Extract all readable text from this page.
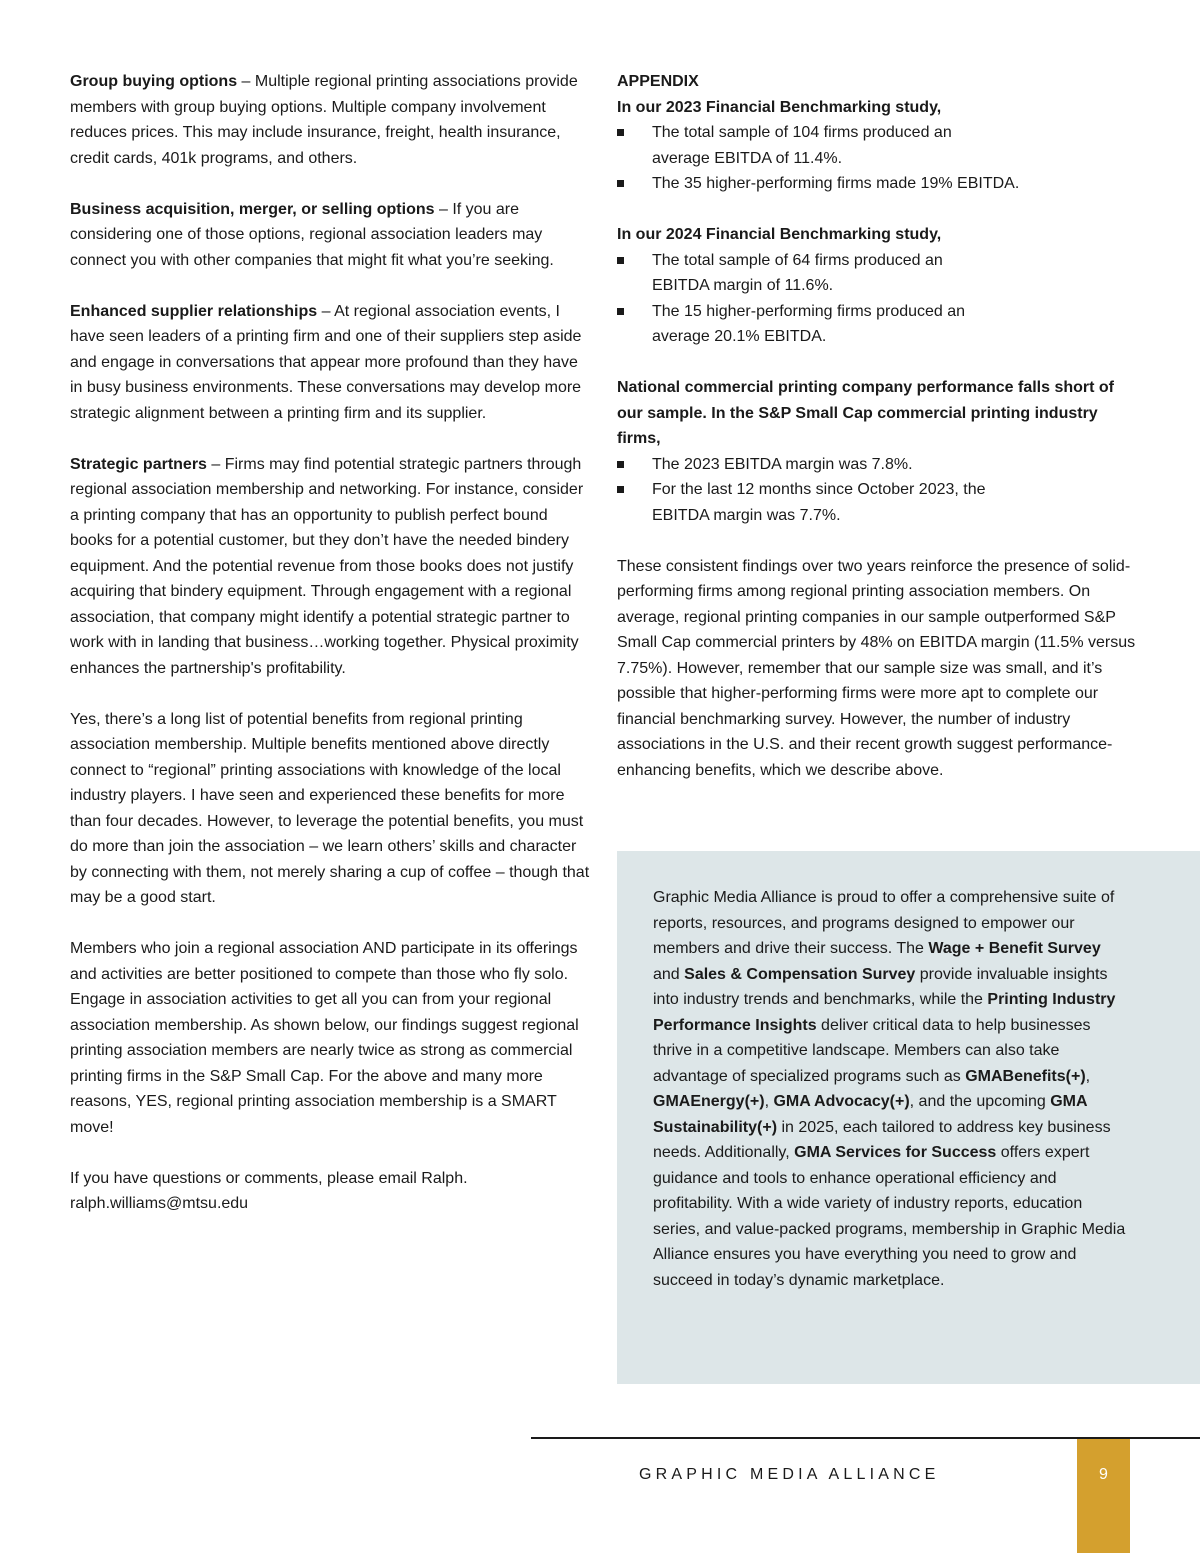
Group buying options – Multiple regional printing associations provide members with group buying options. Multiple company involvement reduces prices. This may include insurance, freight, health insurance, credit cards, 401k programs, and others.

Business acquisition, merger, or selling options – If you are considering one of those options, regional association leaders may connect you with other companies that might fit what you’re seeking.

Enhanced supplier relationships – At regional association events, I have seen leaders of a printing firm and one of their suppliers step aside and engage in conversations that appear more profound than they have in busy business environments. These conversations may develop more strategic alignment between a printing firm and its supplier.

Strategic partners – Firms may find potential strategic partners through regional association membership and networking. For instance, consider a printing company that has an opportunity to publish perfect bound books for a potential customer, but they don’t have the needed bindery equipment. And the potential revenue from those books does not justify acquiring that bindery equipment. Through engagement with a regional association, that company might identify a potential strategic partner to work with in landing that business…working together. Physical proximity enhances the partnership's profitability.

Yes, there’s a long list of potential benefits from regional printing association membership. Multiple benefits mentioned above directly connect to “regional” printing associations with knowledge of the local industry players. I have seen and experienced these benefits for more than four decades. However, to leverage the potential benefits, you must do more than join the association – we learn others’ skills and character by connecting with them, not merely sharing a cup of coffee – though that may be a good start.

Members who join a regional association AND participate in its offerings and activities are better positioned to compete than those who fly solo. Engage in association activities to get all you can from your regional association membership. As shown below, our findings suggest regional printing association members are nearly twice as strong as commercial printing firms in the S&P Small Cap. For the above and many more reasons, YES, regional printing association membership is a SMART move!

If you have questions or comments, please email Ralph.
ralph.williams@mtsu.edu

APPENDIX
In our 2023 Financial Benchmarking study,
The total sample of 104 firms produced an average EBITDA of 11.4%.
The 35 higher-performing firms made 19% EBITDA.
In our 2024 Financial Benchmarking study,
The total sample of 64 firms produced an EBITDA margin of 11.6%.
The 15 higher-performing firms produced an average 20.1% EBITDA.
National commercial printing company performance falls short of our sample. In the S&P Small Cap commercial printing industry firms,
The 2023 EBITDA margin was 7.8%.
For the last 12 months since October 2023, the EBITDA margin was 7.7%.

These consistent findings over two years reinforce the presence of solid-performing firms among regional printing association members. On average, regional printing companies in our sample outperformed S&P Small Cap commercial printers by 48% on EBITDA margin (11.5% versus 7.75%). However, remember that our sample size was small, and it’s possible that higher-performing firms were more apt to complete our financial benchmarking survey. However, the number of industry associations in the U.S. and their recent growth suggest performance-enhancing benefits, which we describe above.

Graphic Media Alliance is proud to offer a comprehensive suite of reports, resources, and programs designed to empower our members and drive their success. The Wage + Benefit Survey and Sales & Compensation Survey provide invaluable insights into industry trends and benchmarks, while the Printing Industry Performance Insights deliver critical data to help businesses thrive in a competitive landscape. Members can also take advantage of specialized programs such as GMABenefits(+), GMAEnergy(+), GMA Advocacy(+), and the upcoming GMA Sustainability(+) in 2025, each tailored to address key business needs. Additionally, GMA Services for Success offers expert guidance and tools to enhance operational efficiency and profitability. With a wide variety of industry reports, education series, and value-packed programs, membership in Graphic Media Alliance ensures you have everything you need to grow and succeed in today’s dynamic marketplace.

GRAPHIC MEDIA ALLIANCE	9
